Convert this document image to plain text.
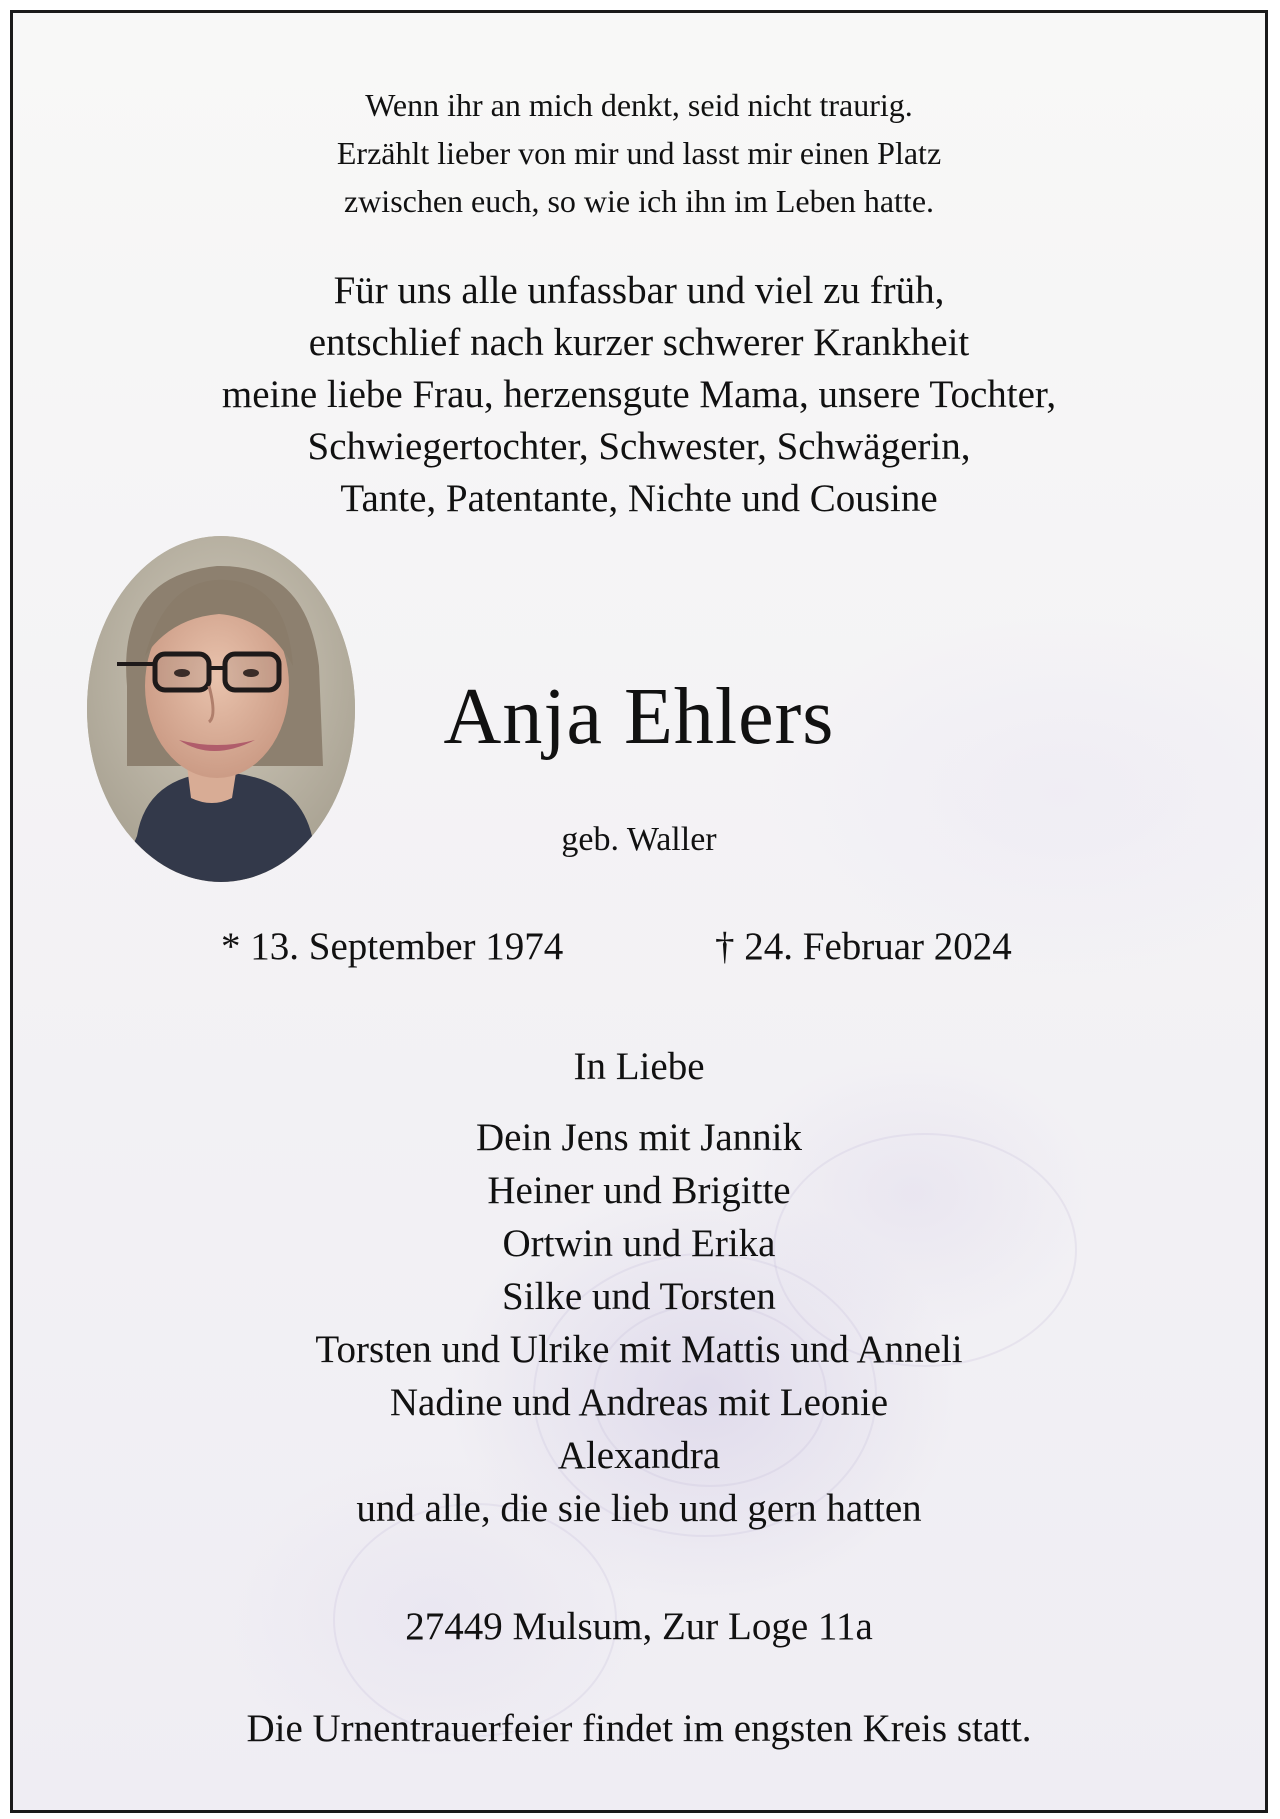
Wenn ihr an mich denkt, seid nicht traurig.
Erzählt lieber von mir und lasst mir einen Platz
zwischen euch, so wie ich ihn im Leben hatte.
Für uns alle unfassbar und viel zu früh,
entschlief nach kurzer schwerer Krankheit
meine liebe Frau, herzensgute Mama, unsere Tochter,
Schwiegertochter, Schwester, Schwägerin,
Tante, Patentante, Nichte und Cousine
Anja Ehlers
geb. Waller
* 13. September 1974	† 24. Februar 2024
In Liebe
Dein Jens mit Jannik
Heiner und Brigitte
Ortwin und Erika
Silke und Torsten
Torsten und Ulrike mit Mattis und Anneli
Nadine und Andreas mit Leonie
Alexandra
und alle, die sie lieb und gern hatten
27449 Mulsum, Zur Loge 11a
Die Urnentrauerfeier findet im engsten Kreis statt.
